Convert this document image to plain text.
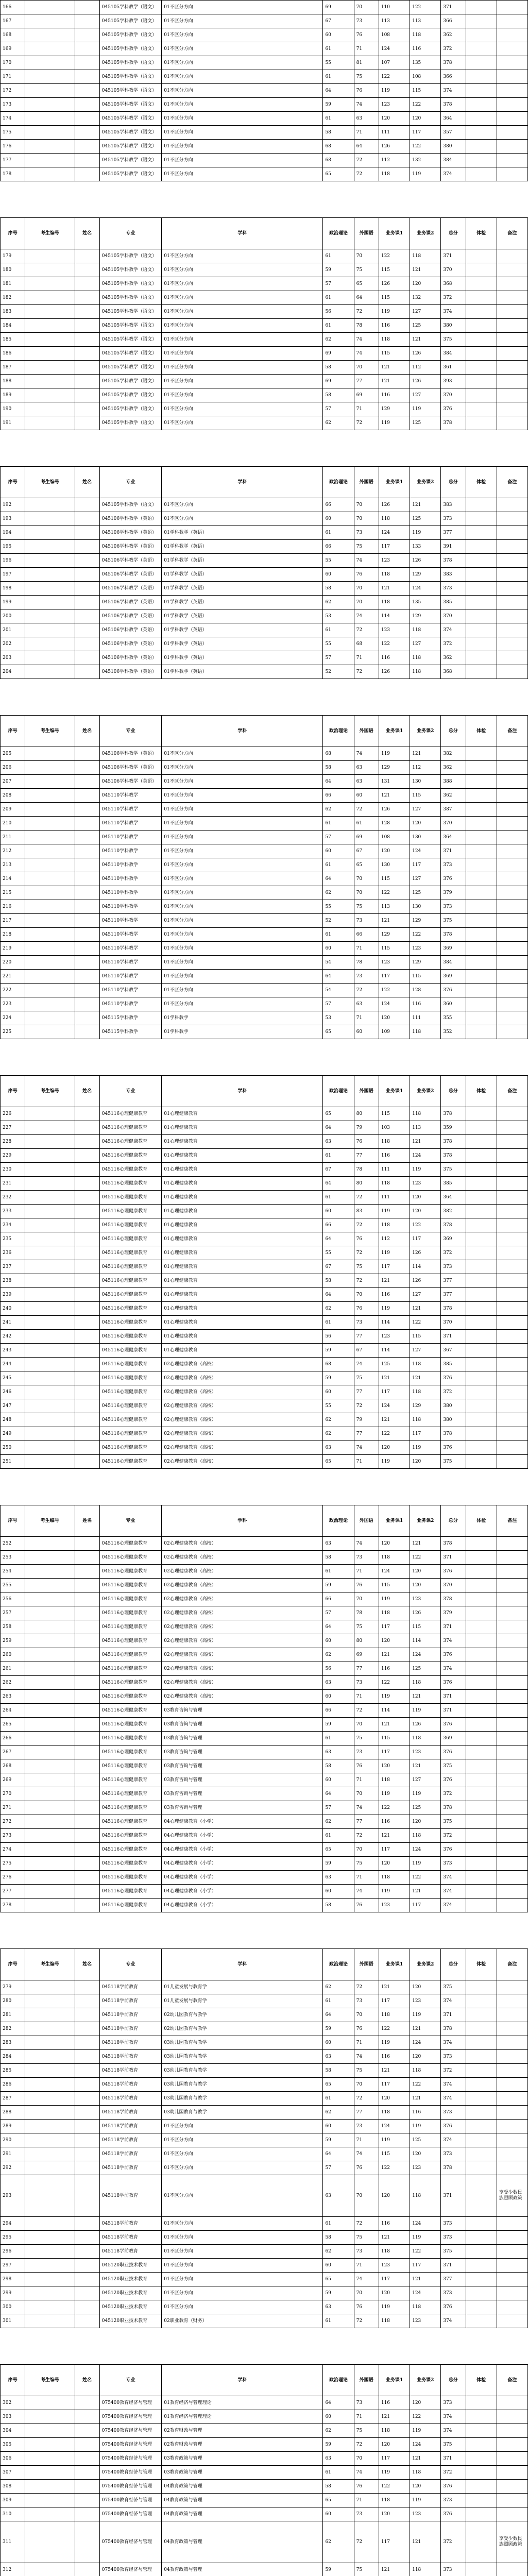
166			045105学科教学（语文）	01不区分方向	69	70	110	122	371		
167			045105学科教学（语文）	01不区分方向	67	73	113	113	366		
168			045105学科教学（语文）	01不区分方向	60	76	108	118	362		
169			045105学科教学（语文）	01不区分方向	61	71	124	116	372		
170			045105学科教学（语文）	01不区分方向	55	81	107	135	378		
171			045105学科教学（语文）	01不区分方向	61	75	122	108	366		
172			045105学科教学（语文）	01不区分方向	64	76	119	115	374		
173			045105学科教学（语文）	01不区分方向	59	74	123	122	378		
174			045105学科教学（语文）	01不区分方向	61	63	120	120	364		
175			045105学科教学（语文）	01不区分方向	58	71	111	117	357		
176			045105学科教学（语文）	01不区分方向	68	64	126	122	380		
177			045105学科教学（语文）	01不区分方向	68	72	112	132	384		
178			045105学科教学（语文）	01不区分方向	65	72	118	119	374		

序号	考生编号	姓名	专业	学科	政治理论	外国语	业务课1	业务课2	总分	体检	备注
179			045105学科教学（语文）	01不区分方向	61	70	122	118	371		
180			045105学科教学（语文）	01不区分方向	59	75	115	121	370		
181			045105学科教学（语文）	01不区分方向	57	65	126	120	368		
182			045105学科教学（语文）	01不区分方向	61	64	115	132	372		
183			045105学科教学（语文）	01不区分方向	56	72	119	127	374		
184			045105学科教学（语文）	01不区分方向	61	78	116	125	380		
185			045105学科教学（语文）	01不区分方向	62	74	118	121	375		
186			045105学科教学（语文）	01不区分方向	69	74	115	126	384		
187			045105学科教学（语文）	01不区分方向	58	70	121	112	361		
188			045105学科教学（语文）	01不区分方向	69	77	121	126	393		
189			045105学科教学（语文）	01不区分方向	58	69	116	127	370		
190			045105学科教学（语文）	01不区分方向	57	71	129	119	376		
191			045105学科教学（语文）	01不区分方向	62	72	119	125	378		

序号	考生编号	姓名	专业	学科	政治理论	外国语	业务课1	业务课2	总分	体检	备注
192			045105学科教学（语文）	01不区分方向	66	70	126	121	383		
193			045106学科教学（英语）	01不区分方向	60	70	118	125	373		
194			045106学科教学（英语）	01学科教学（英语）	61	73	124	119	377		
195			045106学科教学（英语）	01学科教学（英语）	66	75	117	133	391		
196			045106学科教学（英语）	01学科教学（英语）	55	74	123	126	378		
197			045106学科教学（英语）	01学科教学（英语）	60	76	118	129	383		
198			045106学科教学（英语）	01学科教学（英语）	58	70	121	124	373		
199			045106学科教学（英语）	01学科教学（英语）	62	70	118	135	385		
200			045106学科教学（英语）	01学科教学（英语）	53	74	114	129	370		
201			045106学科教学（英语）	01学科教学（英语）	61	72	123	118	374		
202			045106学科教学（英语）	01学科教学（英语）	55	68	122	127	372		
203			045106学科教学（英语）	01学科教学（英语）	57	71	116	118	362		
204			045106学科教学（英语）	01学科教学（英语）	52	72	126	118	368		

序号	考生编号	姓名	专业	学科	政治理论	外国语	业务课1	业务课2	总分	体检	备注
205			045106学科教学（英语）	01不区分方向	68	74	119	121	382		
206			045106学科教学（英语）	01不区分方向	58	63	129	112	362		
207			045106学科教学（英语）	01不区分方向	64	63	131	130	388		
208			045110学科教学	01不区分方向	66	60	121	115	362		
209			045110学科教学	01不区分方向	62	72	126	127	387		
210			045110学科教学	01不区分方向	61	61	128	120	370		
211			045110学科教学	01不区分方向	57	69	108	130	364		
212			045110学科教学	01不区分方向	60	67	120	124	371		
213			045110学科教学	01不区分方向	61	65	130	117	373		
214			045110学科教学	01不区分方向	64	70	115	127	376		
215			045110学科教学	01不区分方向	62	70	122	125	379		
216			045110学科教学	01不区分方向	55	75	113	130	373		
217			045110学科教学	01不区分方向	52	73	121	129	375		
218			045110学科教学	01不区分方向	61	66	129	122	378		
219			045110学科教学	01不区分方向	60	71	115	123	369		
220			045110学科教学	01不区分方向	54	78	123	129	384		
221			045110学科教学	01不区分方向	64	73	117	115	369		
222			045110学科教学	01不区分方向	54	72	122	128	376		
223			045110学科教学	01不区分方向	57	63	124	116	360		
224			045115学科教学	01学科教学	53	71	120	111	355		
225			045115学科教学	01学科教学	65	60	109	118	352		

序号	考生编号	姓名	专业	学科	政治理论	外国语	业务课1	业务课2	总分	体检	备注
226			045116心理健康教育	01心理健康教育	65	80	115	118	378		
227			045116心理健康教育	01心理健康教育	64	79	103	113	359		
228			045116心理健康教育	01心理健康教育	63	76	118	121	378		
229			045116心理健康教育	01心理健康教育	61	77	116	124	378		
230			045116心理健康教育	01心理健康教育	67	78	111	119	375		
231			045116心理健康教育	01心理健康教育	64	80	118	123	385		
232			045116心理健康教育	01心理健康教育	61	72	111	120	364		
233			045116心理健康教育	01心理健康教育	60	83	119	120	382		
234			045116心理健康教育	01心理健康教育	66	72	118	122	378		
235			045116心理健康教育	01心理健康教育	64	76	112	117	369		
236			045116心理健康教育	01心理健康教育	55	72	119	126	372		
237			045116心理健康教育	01心理健康教育	67	75	117	114	373		
238			045116心理健康教育	01心理健康教育	58	72	121	126	377		
239			045116心理健康教育	01心理健康教育	64	70	116	127	377		
240			045116心理健康教育	01心理健康教育	62	76	119	121	378		
241			045116心理健康教育	01心理健康教育	61	73	114	122	370		
242			045116心理健康教育	01心理健康教育	56	77	123	115	371		
243			045116心理健康教育	01心理健康教育	59	67	114	127	367		
244			045116心理健康教育	02心理健康教育（高校）	68	74	125	118	385		
245			045116心理健康教育	02心理健康教育（高校）	59	75	121	121	376		
246			045116心理健康教育	02心理健康教育（高校）	60	77	117	118	372		
247			045116心理健康教育	02心理健康教育（高校）	55	72	124	129	380		
248			045116心理健康教育	02心理健康教育（高校）	62	79	121	118	380		
249			045116心理健康教育	02心理健康教育（高校）	62	77	122	117	378		
250			045116心理健康教育	02心理健康教育（高校）	63	74	120	119	376		
251			045116心理健康教育	02心理健康教育（高校）	65	71	119	120	375		

序号	考生编号	姓名	专业	学科	政治理论	外国语	业务课1	业务课2	总分	体检	备注
252			045116心理健康教育	02心理健康教育（高校）	63	74	120	121	378		
253			045116心理健康教育	02心理健康教育（高校）	58	73	118	122	371		
254			045116心理健康教育	02心理健康教育（高校）	61	71	124	120	376		
255			045116心理健康教育	02心理健康教育（高校）	59	76	115	120	370		
256			045116心理健康教育	02心理健康教育（高校）	66	70	119	123	378		
257			045116心理健康教育	02心理健康教育（高校）	57	78	118	126	379		
258			045116心理健康教育	02心理健康教育（高校）	64	75	117	115	371		
259			045116心理健康教育	02心理健康教育（高校）	60	80	120	114	374		
260			045116心理健康教育	02心理健康教育（高校）	62	69	121	124	376		
261			045116心理健康教育	02心理健康教育（高校）	56	77	116	125	374		
262			045116心理健康教育	02心理健康教育（高校）	63	73	122	118	376		
263			045116心理健康教育	02心理健康教育（高校）	60	71	119	121	371		
264			045116心理健康教育	03教育咨询与管理	66	72	114	119	371		
265			045116心理健康教育	03教育咨询与管理	59	70	121	126	376		
266			045116心理健康教育	03教育咨询与管理	61	75	115	118	369		
267			045116心理健康教育	03教育咨询与管理	63	73	117	123	376		
268			045116心理健康教育	03教育咨询与管理	58	76	120	121	375		
269			045116心理健康教育	03教育咨询与管理	60	71	118	127	376		
270			045116心理健康教育	03教育咨询与管理	64	70	119	119	372		
271			045116心理健康教育	03教育咨询与管理	57	74	122	125	378		
272			045116心理健康教育	04心理健康教育（小学）	62	77	116	120	375		
273			045116心理健康教育	04心理健康教育（小学）	61	72	121	118	372		
274			045116心理健康教育	04心理健康教育（小学）	65	70	117	124	376		
275			045116心理健康教育	04心理健康教育（小学）	59	75	120	119	373		
276			045116心理健康教育	04心理健康教育（小学）	63	71	118	122	374		
277			045116心理健康教育	04心理健康教育（小学）	60	74	119	121	374		
278			045116心理健康教育	04心理健康教育（小学）	58	76	123	117	374		

序号	考生编号	姓名	专业	学科	政治理论	外国语	业务课1	业务课2	总分	体检	备注
279			045118学前教育	01儿童发展与教育学	62	72	121	120	375		
280			045118学前教育	01儿童发展与教育学	61	73	117	123	374		
281			045118学前教育	02幼儿园教育与教学	64	70	118	119	371		
282			045118学前教育	02幼儿园教育与教学	59	76	122	121	378		
283			045118学前教育	03幼儿园教育与教学	60	71	119	124	374		
284			045118学前教育	03幼儿园教育与教学	63	74	116	120	373		
285			045118学前教育	03幼儿园教育与教学	58	75	121	118	372		
286			045118学前教育	03幼儿园教育与教学	65	70	117	122	374		
287			045118学前教育	03幼儿园教育与教学	61	72	120	121	374		
288			045118学前教育	03幼儿园教育与教学	62	77	118	116	373		
289			045118学前教育	01不区分方向	60	73	124	119	376		
290			045118学前教育	01不区分方向	59	71	119	125	374		
291			045118学前教育	01不区分方向	64	74	115	120	373		
292			045118学前教育	01不区分方向	57	76	122	123	378		
293			045118学前教育	01不区分方向	63	70	120	118	371		享受少数民族照顾政策
294			045118学前教育	01不区分方向	61	72	116	124	373		
295			045118学前教育	01不区分方向	58	75	121	119	373		
296			045118学前教育	01不区分方向	62	73	118	122	375		
297			045120职业技术教育	01不区分方向	60	71	123	117	371		
298			045120职业技术教育	01不区分方向	65	74	117	121	377		
299			045120职业技术教育	01不区分方向	59	70	120	124	373		
300			045120职业技术教育	01不区分方向	63	76	119	118	376		
301			045120职业技术教育	02职业教育（财务）	61	72	118	123	374		

序号	考生编号	姓名	专业	学科	政治理论	外国语	业务课1	业务课2	总分	体检	备注
302			075400教育经济与管理	01教育经济与管理理论	64	73	116	120	373		
303			075400教育经济与管理	01教育经济与管理理论	60	71	121	122	374		
304			075400教育经济与管理	02教育财政与管理	62	75	118	119	374		
305			075400教育经济与管理	02教育财政与管理	59	72	120	124	375		
306			075400教育经济与管理	03教育政策与管理	63	70	117	121	371		
307			075400教育经济与管理	03教育政策与管理	61	74	119	118	372		
308			075400教育经济与管理	04教育政策与管理	58	76	122	120	376		
309			075400教育经济与管理	04教育政策与管理	65	71	118	119	373		
310			075400教育经济与管理	04教育政策与管理	60	73	120	123	376		
311			075400教育经济与管理	04教育政策与管理	62	72	117	121	372		享受少数民族照顾政策
312			075400教育经济与管理	04教育政策与管理	59	75	121	118	373		
